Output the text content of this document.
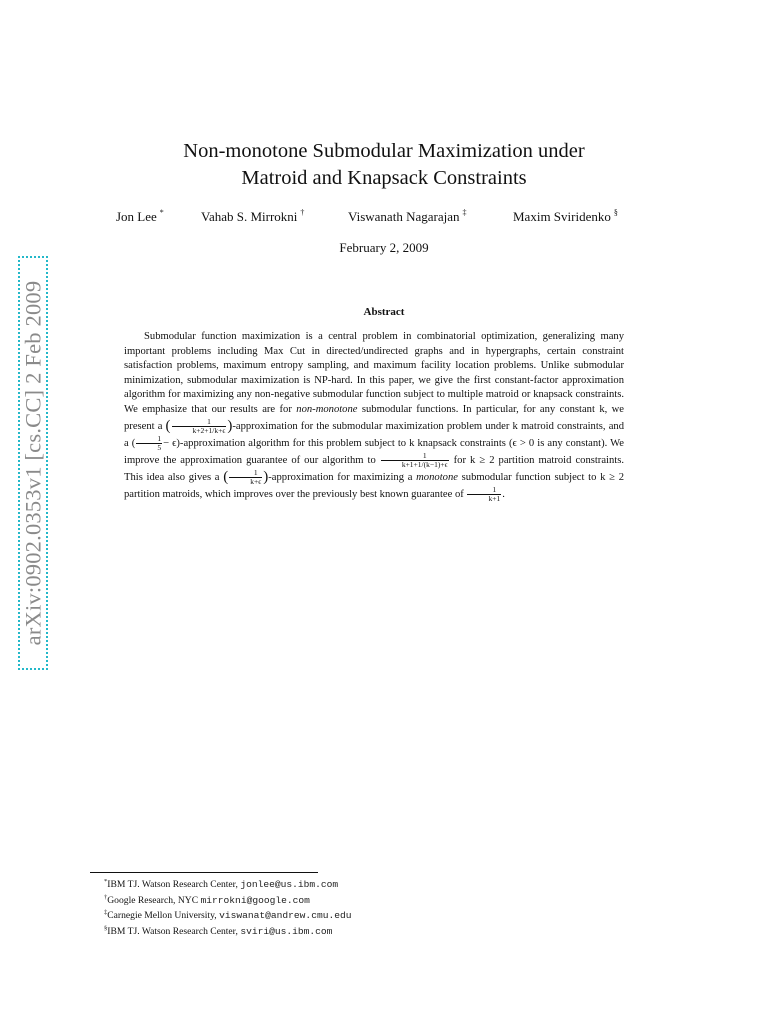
arXiv:0902.0353v1 [cs.CC] 2 Feb 2009
Non-monotone Submodular Maximization under
Matroid and Knapsack Constraints
Jon Lee *	Vahab S. Mirrokni †	Viswanath Nagarajan ‡	Maxim Sviridenko §
February 2, 2009
Abstract

Submodular function maximization is a central problem in combinatorial optimization, generalizing many important problems including Max Cut in directed/undirected graphs and in hypergraphs, certain constraint satisfaction problems, maximum entropy sampling, and maximum facility location problems. Unlike submodular minimization, submodular maximization is NP-hard. In this paper, we give the first constant-factor approximation algorithm for maximizing any non-negative submodular function subject to multiple matroid or knapsack constraints. We emphasize that our results are for non-monotone submodular functions. In particular, for any constant k, we present a ( $\frac{1}{k+2+1/k+\epsilon}$ )-approximation for the submodular maximization problem under k matroid constraints, and a ( $\frac{1}{5}$ − ϵ)-approximation algorithm for this problem subject to k knapsack constraints (ϵ > 0 is any constant). We improve the approximation guarantee of our algorithm to $\frac{1}{k+1+1/(k-1)+\epsilon}$ for k ≥ 2 partition matroid constraints. This idea also gives a ( $\frac{1}{k+\epsilon}$ )-approximation for maximizing a monotone submodular function subject to k ≥ 2 partition matroids, which improves over the previously best known guarantee of $\frac{1}{k+1}$ .

*IBM TJ. Watson Research Center, jonlee@us.ibm.com
†Google Research, NYC mirrokni@google.com
‡Carnegie Mellon University, viswanat@andrew.cmu.edu
§IBM TJ. Watson Research Center, sviri@us.ibm.com
